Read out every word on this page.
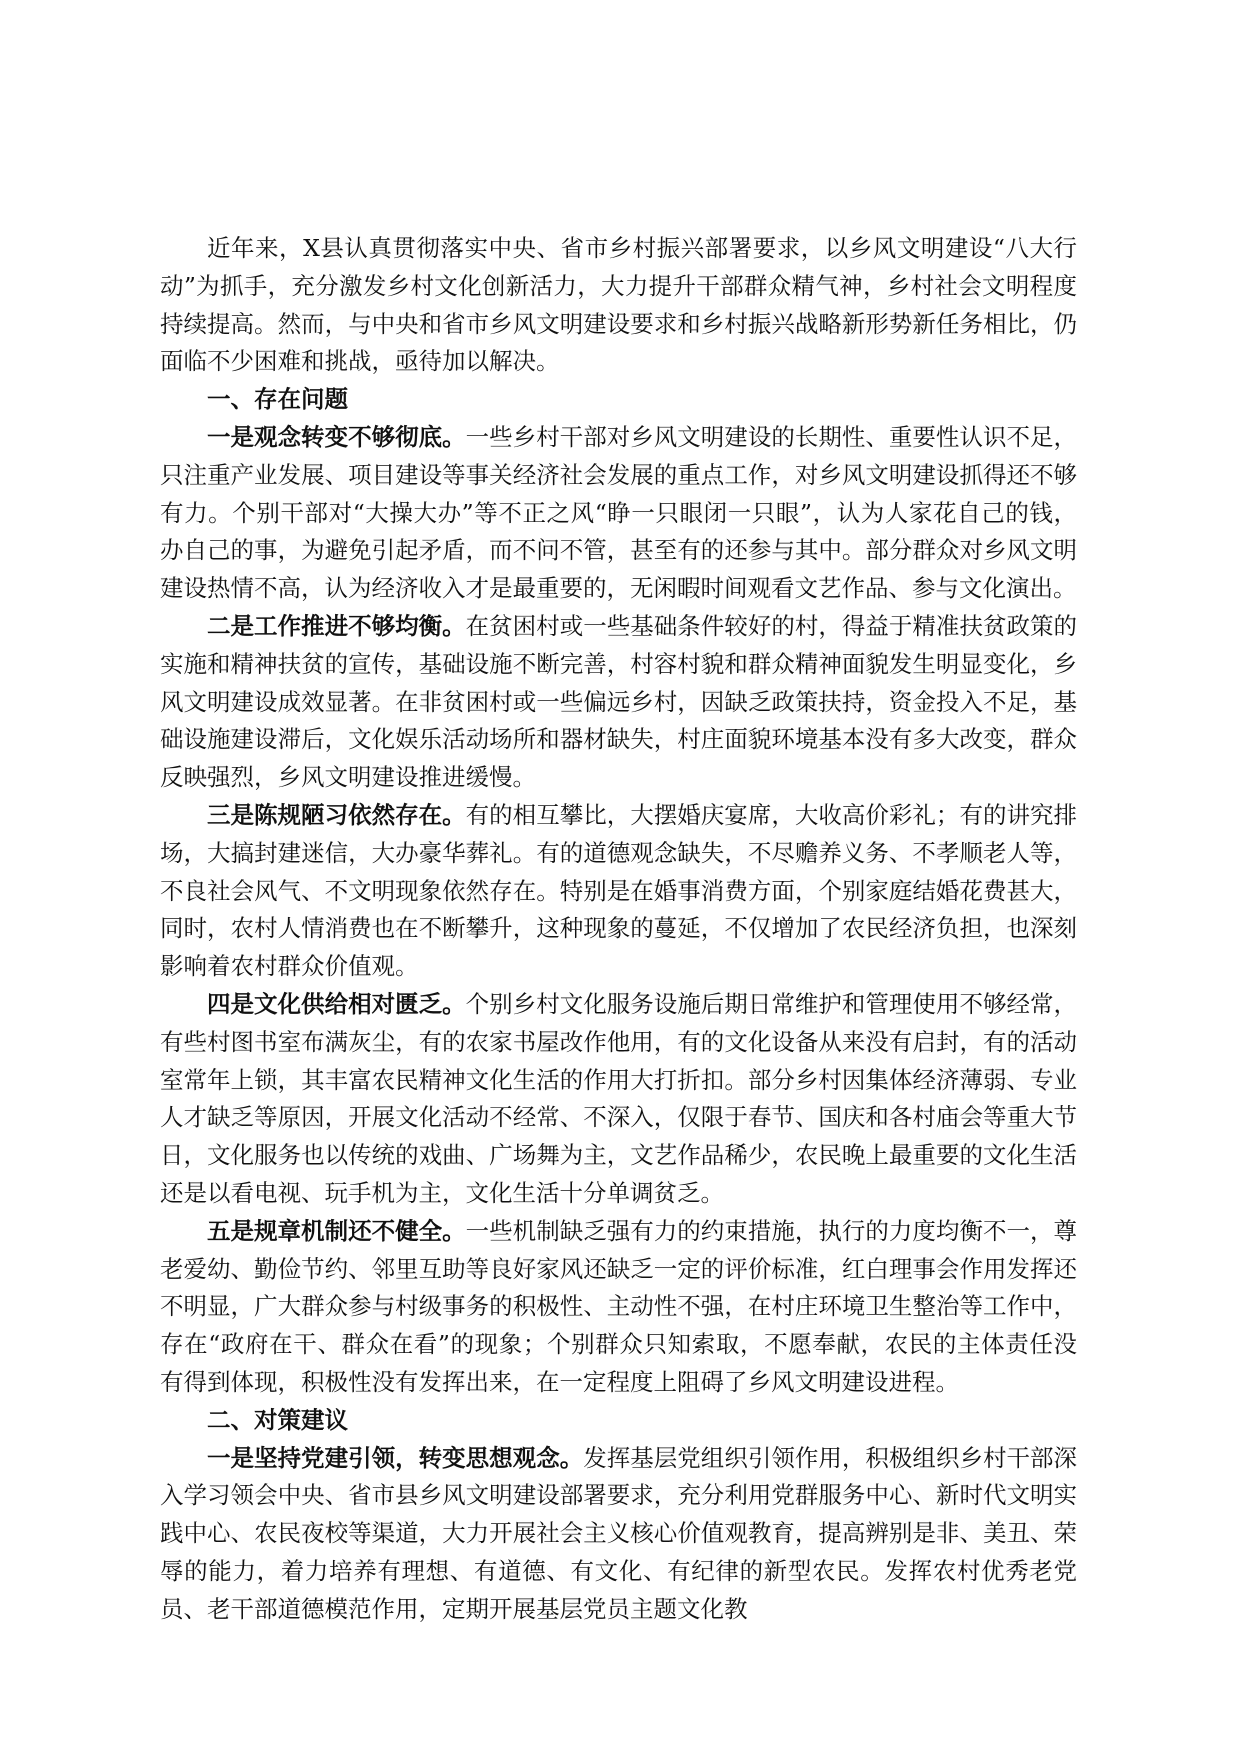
近年来，X县认真贯彻落实中央、省市乡村振兴部署要求，以乡风文明建设“八大行动”为抓手，充分激发乡村文化创新活力，大力提升干部群众精气神，乡村社会文明程度持续提高。然而，与中央和省市乡风文明建设要求和乡村振兴战略新形势新任务相比，仍面临不少困难和挑战，亟待加以解决。

一、存在问题

一是观念转变不够彻底。一些乡村干部对乡风文明建设的长期性、重要性认识不足，只注重产业发展、项目建设等事关经济社会发展的重点工作，对乡风文明建设抓得还不够有力。个别干部对“大操大办”等不正之风“睁一只眼闭一只眼”，认为人家花自己的钱，办自己的事，为避免引起矛盾，而不问不管，甚至有的还参与其中。部分群众对乡风文明建设热情不高，认为经济收入才是最重要的，无闲暇时间观看文艺作品、参与文化演出。

二是工作推进不够均衡。在贫困村或一些基础条件较好的村，得益于精准扶贫政策的实施和精神扶贫的宣传，基础设施不断完善，村容村貌和群众精神面貌发生明显变化，乡风文明建设成效显著。在非贫困村或一些偏远乡村，因缺乏政策扶持，资金投入不足，基础设施建设滞后，文化娱乐活动场所和器材缺失，村庄面貌环境基本没有多大改变，群众反映强烈，乡风文明建设推进缓慢。

三是陈规陋习依然存在。有的相互攀比，大摆婚庆宴席，大收高价彩礼；有的讲究排场，大搞封建迷信，大办豪华葬礼。有的道德观念缺失，不尽赡养义务、不孝顺老人等，不良社会风气、不文明现象依然存在。特别是在婚事消费方面，个别家庭结婚花费甚大，同时，农村人情消费也在不断攀升，这种现象的蔓延，不仅增加了农民经济负担，也深刻影响着农村群众价值观。

四是文化供给相对匮乏。个别乡村文化服务设施后期日常维护和管理使用不够经常，有些村图书室布满灰尘，有的农家书屋改作他用，有的文化设备从来没有启封，有的活动室常年上锁，其丰富农民精神文化生活的作用大打折扣。部分乡村因集体经济薄弱、专业人才缺乏等原因，开展文化活动不经常、不深入，仅限于春节、国庆和各村庙会等重大节日，文化服务也以传统的戏曲、广场舞为主，文艺作品稀少，农民晚上最重要的文化生活还是以看电视、玩手机为主，文化生活十分单调贫乏。

五是规章机制还不健全。一些机制缺乏强有力的约束措施，执行的力度均衡不一，尊老爱幼、勤俭节约、邻里互助等良好家风还缺乏一定的评价标准，红白理事会作用发挥还不明显，广大群众参与村级事务的积极性、主动性不强，在村庄环境卫生整治等工作中，存在“政府在干、群众在看”的现象；个别群众只知索取，不愿奉献，农民的主体责任没有得到体现，积极性没有发挥出来，在一定程度上阻碍了乡风文明建设进程。

二、对策建议

一是坚持党建引领，转变思想观念。发挥基层党组织引领作用，积极组织乡村干部深入学习领会中央、省市县乡风文明建设部署要求，充分利用党群服务中心、新时代文明实践中心、农民夜校等渠道，大力开展社会主义核心价值观教育，提高辨别是非、美丑、荣辱的能力，着力培养有理想、有道德、有文化、有纪律的新型农民。发挥农村优秀老党员、老干部道德模范作用，定期开展基层党员主题文化教
